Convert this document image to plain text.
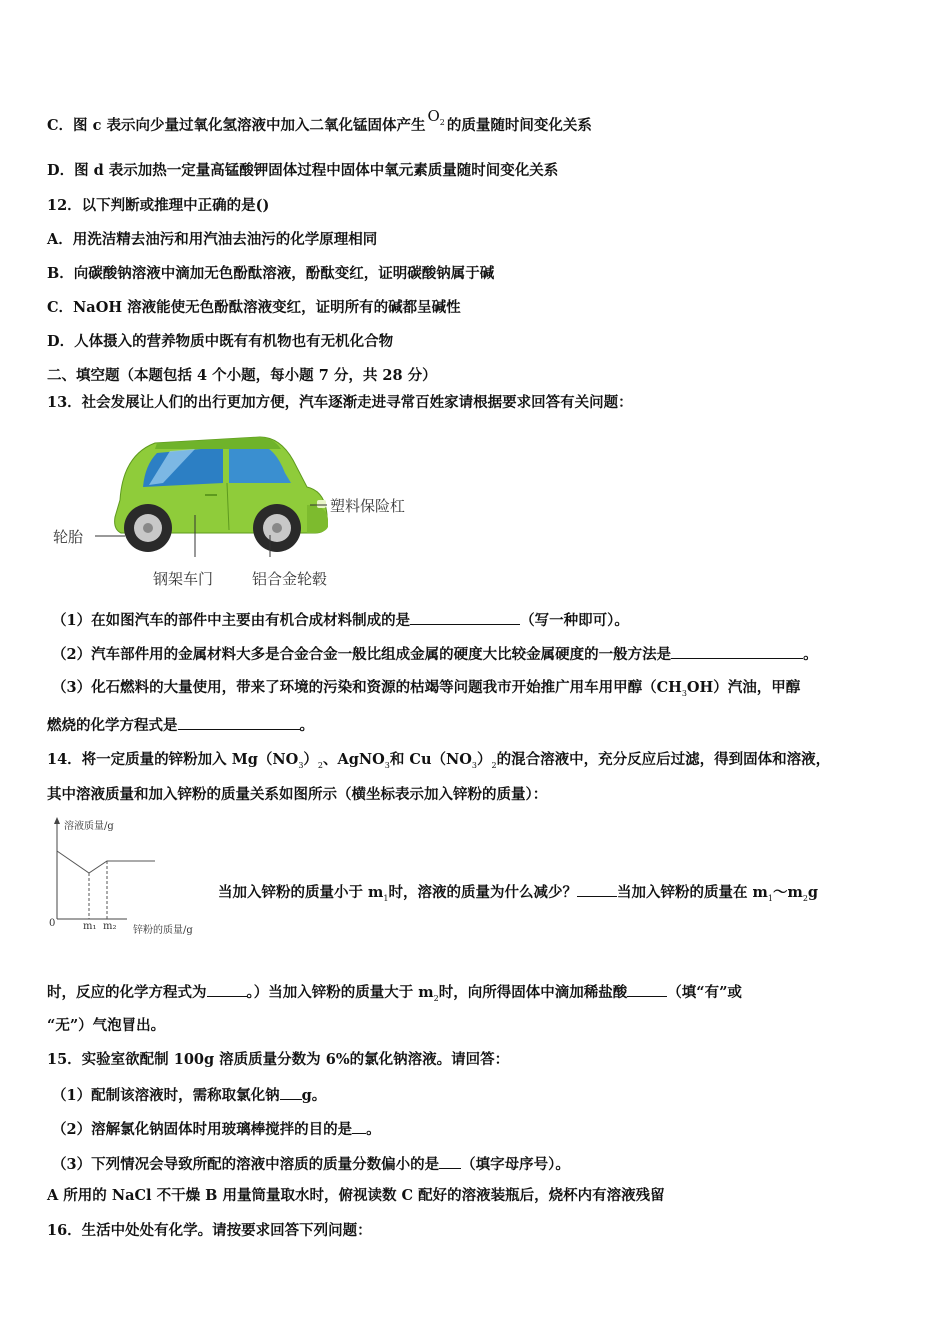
C．图 c 表示向少量过氧化氢溶液中加入二氧化锰固体产生$O_2$ 的质量随时间变化关系
D．图 d 表示加热一定量高锰酸钾固体过程中固体中氧元素质量随时间变化关系
12．以下判断或推理中正确的是()
A．用洗洁精去油污和用汽油去油污的化学原理相同
B．向碳酸钠溶液中滴加无色酚酞溶液，酚酞变红，证明碳酸钠属于碱
C．NaOH 溶液能使无色酚酞溶液变红，证明所有的碱都呈碱性
D．人体摄入的营养物质中既有有机物也有无机化合物
二、填空题（本题包括 4 个小题，每小题 7 分，共 28 分）
13．社会发展让人们的出行更加方便，汽车逐渐走进寻常百姓家请根据要求回答有关问题：
轮胎
塑料保险杠
钢架车门	铝合金轮毂
（1）在如图汽车的部件中主要由有机合成材料制成的是	（写一种即可）。
（2）汽车部件用的金属材料大多是合金合金一般比组成金属的硬度大比较金属硬度的一般方法是	。
（3）化石燃料的大量使用，带来了环境的污染和资源的枯竭等问题我市开始推广用车用甲醇$(CH_3OH)$汽油，甲醇
燃烧的化学方程式是	。
14．将一定质量的锌粉加入 $Mg(NO_3)_2$、AgNO$_3$和 $Cu(NO_3)_2$的混合溶液中，充分反应后过滤，得到固体和溶液，
其中溶液质量和加入锌粉的质量关系如图所示（横坐标表示加入锌粉的质量）：
溶液质量/g
0	m₁ m₂ 锌粉的质量/g
当加入锌粉的质量小于 $m_1$时，溶液的质量为什么减少？	当加入锌粉的质量在 $m_1\sim m_2g$
时，反应的化学方程式为	。）当加入锌粉的质量大于 $m_2$时，向所得固体中滴加稀盐酸	（填“有”或
“无”）气泡冒出。
15．实验室欲配制 100g 溶质质量分数为 6%的氯化钠溶液。请回答：
（1）配制该溶液时，需称取氯化钠 g。
（2）溶解氯化钠固体时用玻璃棒搅拌的目的是 。
（3）下列情况会导致所配的溶液中溶质的质量分数偏小的是 （填字母序号）。
A 所用的 NaCl 不干燥 B 用量筒量取水时，俯视读数 C 配好的溶液装瓶后，烧杯内有溶液残留
16．生活中处处有化学。请按要求回答下列问题：
